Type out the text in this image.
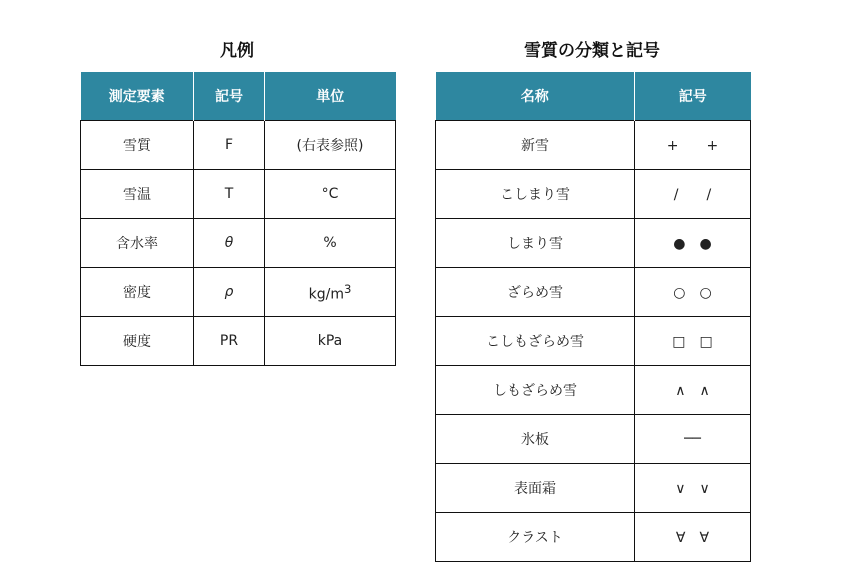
凡例
測定要素	記号	単位
雪質	F	(右表参照)
雪温	T	°C
含水率	θ	%
密度	ρ	$kg/m^3$
硬度	PR	kPa
雪質の分類と記号
名称	記号
新雪	+　　+
こしまり雪	/　　/
しまり雪	●　●
ざらめ雪	○　○
こしもざらめ雪	□　□
しもざらめ雪	∧　∧
氷板	──
表面霜	∨　∨
クラスト	∀　∀
